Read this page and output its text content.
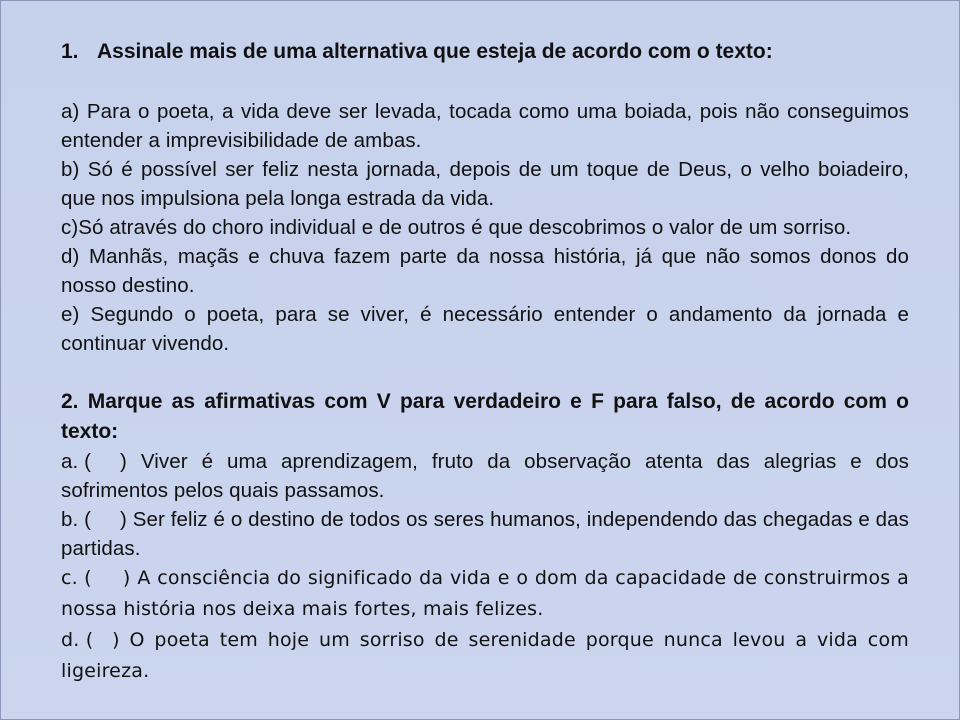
1. Assinale mais de uma alternativa que esteja de acordo com o texto:

a) Para o poeta, a vida deve ser levada, tocada como uma boiada, pois não conseguimos entender a imprevisibilidade de ambas.

b) Só é possível ser feliz nesta jornada, depois de um toque de Deus, o velho boiadeiro, que nos impulsiona pela longa estrada da vida.

c)Só através do choro individual e de outros é que descobrimos o valor de um sorriso.

d) Manhãs, maçãs e chuva fazem parte da nossa história, já que não somos donos do nosso destino.

e) Segundo o poeta, para se viver, é necessário entender o andamento da jornada e continuar vivendo.

2. Marque as afirmativas com V para verdadeiro e F para falso, de acordo com o texto:

a. (     ) Viver é uma aprendizagem, fruto da observação atenta das alegrias e dos sofrimentos pelos quais passamos.

b. (     ) Ser feliz é o destino de todos os seres humanos, independendo das chegadas e das partidas.

c. (     ) A consciência do significado da vida e o dom da capacidade de construirmos a nossa história nos deixa mais fortes, mais felizes.

d. (   ) O poeta tem hoje um sorriso de serenidade porque nunca levou a vida com ligeireza.
